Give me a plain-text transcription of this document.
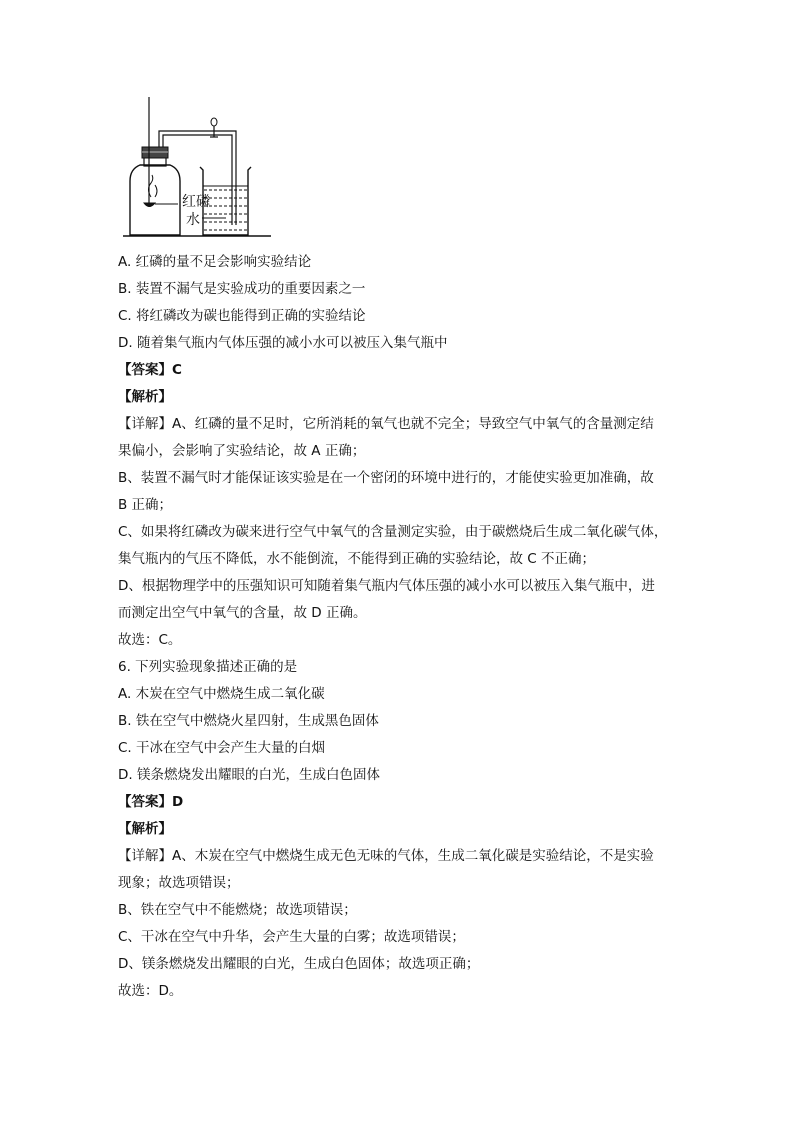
红磷
水
A. 红磷的量不足会影响实验结论
B. 装置不漏气是实验成功的重要因素之一
C. 将红磷改为碳也能得到正确的实验结论
D. 随着集气瓶内气体压强的减小水可以被压入集气瓶中
【答案】C
【解析】
【详解】A、红磷的量不足时，它所消耗的氧气也就不完全；导致空气中氧气的含量测定结
果偏小，会影响了实验结论，故 A 正确；
B、装置不漏气时才能保证该实验是在一个密闭的环境中进行的，才能使实验更加准确，故
B 正确；
C、如果将红磷改为碳来进行空气中氧气的含量测定实验，由于碳燃烧后生成二氧化碳气体，
集气瓶内的气压不降低，水不能倒流，不能得到正确的实验结论，故 C 不正确；
D、根据物理学中的压强知识可知随着集气瓶内气体压强的减小水可以被压入集气瓶中，进
而测定出空气中氧气的含量，故 D 正确。
故选：C。
6. 下列实验现象描述正确的是
A. 木炭在空气中燃烧生成二氧化碳
B. 铁在空气中燃烧火星四射，生成黑色固体
C. 干冰在空气中会产生大量的白烟
D. 镁条燃烧发出耀眼的白光，生成白色固体
【答案】D
【解析】
【详解】A、木炭在空气中燃烧生成无色无味的气体，生成二氧化碳是实验结论，不是实验
现象；故选项错误；
B、铁在空气中不能燃烧；故选项错误；
C、干冰在空气中升华，会产生大量的白雾；故选项错误；
D、镁条燃烧发出耀眼的白光，生成白色固体；故选项正确；
故选：D。
